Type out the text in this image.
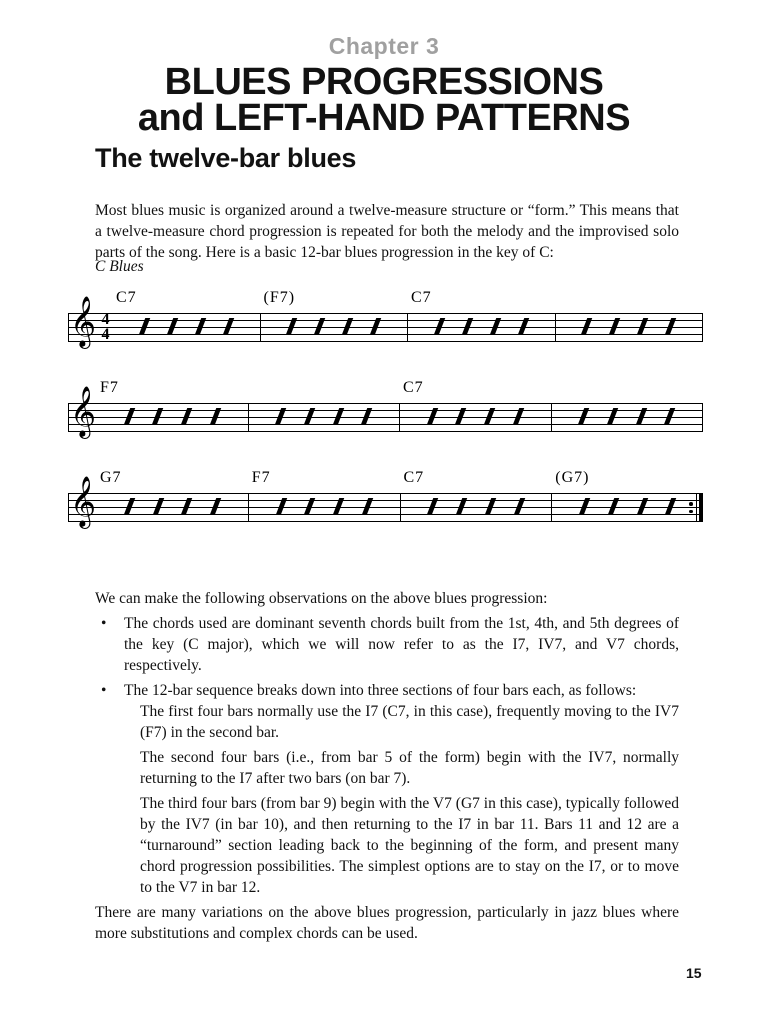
Chapter 3
BLUES PROGRESSIONS
and LEFT-HAND PATTERNS
The twelve-bar blues

Most blues music is organized around a twelve-measure structure or “form.” This means that a twelve-measure chord progression is repeated for both the melody and the improvised solo parts of the song. Here is a basic 12-bar blues progression in the key of C:

C Blues
𝄞 4
4
C7	(F7)	C7
𝄞 F7	C7
𝄞 G7	F7	C7	(G7)

We can make the following observations on the above blues progression:

•	The chords used are dominant seventh chords built from the 1st, 4th, and 5th degrees of the key (C major), which we will now refer to as the I7, IV7, and V7 chords, respectively.
•	The 12-bar sequence breaks down into three sections of four bars each, as follows:

The first four bars normally use the I7 (C7, in this case), frequently moving to the IV7 (F7) in the second bar.

The second four bars (i.e., from bar 5 of the form) begin with the IV7, normally returning to the I7 after two bars (on bar 7).

The third four bars (from bar 9) begin with the V7 (G7 in this case), typically followed by the IV7 (in bar 10), and then returning to the I7 in bar 11. Bars 11 and 12 are a “turnaround” section leading back to the beginning of the form, and present many chord progression possibilities. The simplest options are to stay on the I7, or to move to the V7 in bar 12.

There are many variations on the above blues progression, particularly in jazz blues where more substitutions and complex chords can be used.

15
